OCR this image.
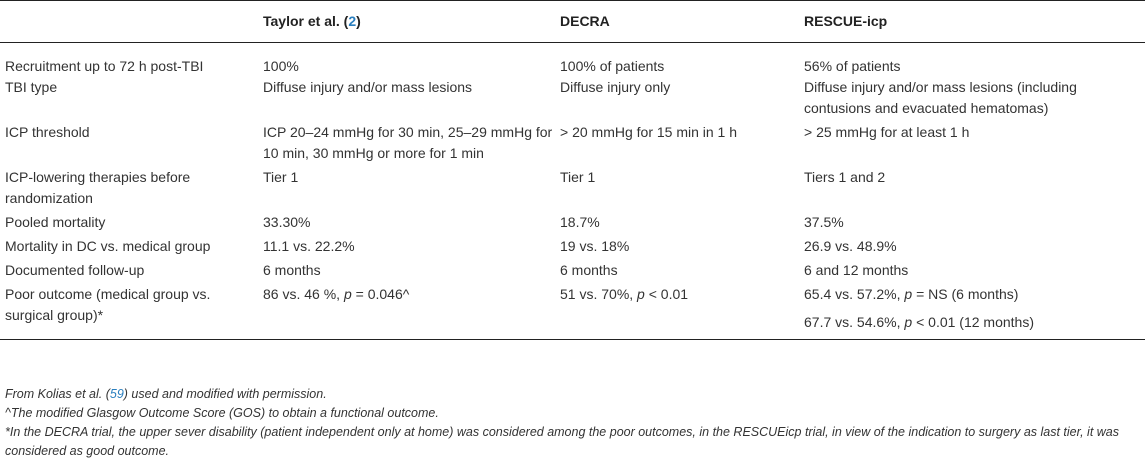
	Taylor et al. (2)	DECRA	RESCUE-icp
Recruitment up to 72 h post-TBI	100%	100% of patients	56% of patients
TBI type	Diffuse injury and/or mass lesions	Diffuse injury only	Diffuse injury and/or mass lesions (including contusions and evacuated hematomas)
ICP threshold	ICP 20–24 mmHg for 30 min, 25–29 mmHg for 10 min, 30 mmHg or more for 1 min	> 20 mmHg for 15 min in 1 h	> 25 mmHg for at least 1 h
ICP-lowering therapies before randomization	Tier 1	Tier 1	Tiers 1 and 2
Pooled mortality	33.30%	18.7%	37.5%
Mortality in DC vs. medical group	11.1 vs. 22.2%	19 vs. 18%	26.9 vs. 48.9%
Documented follow-up	6 months	6 months	6 and 12 months
Poor outcome (medical group vs. surgical group)*	86 vs. 46 %, p = 0.046^	51 vs. 70%, p < 0.01	65.4 vs. 57.2%, p = NS (6 months)
67.7 vs. 54.6%, p < 0.01 (12 months)
From Kolias et al. (59) used and modified with permission.
^The modified Glasgow Outcome Score (GOS) to obtain a functional outcome.
*In the DECRA trial, the upper sever disability (patient independent only at home) was considered among the poor outcomes, in the RESCUEicp trial, in view of the indication to surgery as last tier, it was considered as good outcome.
